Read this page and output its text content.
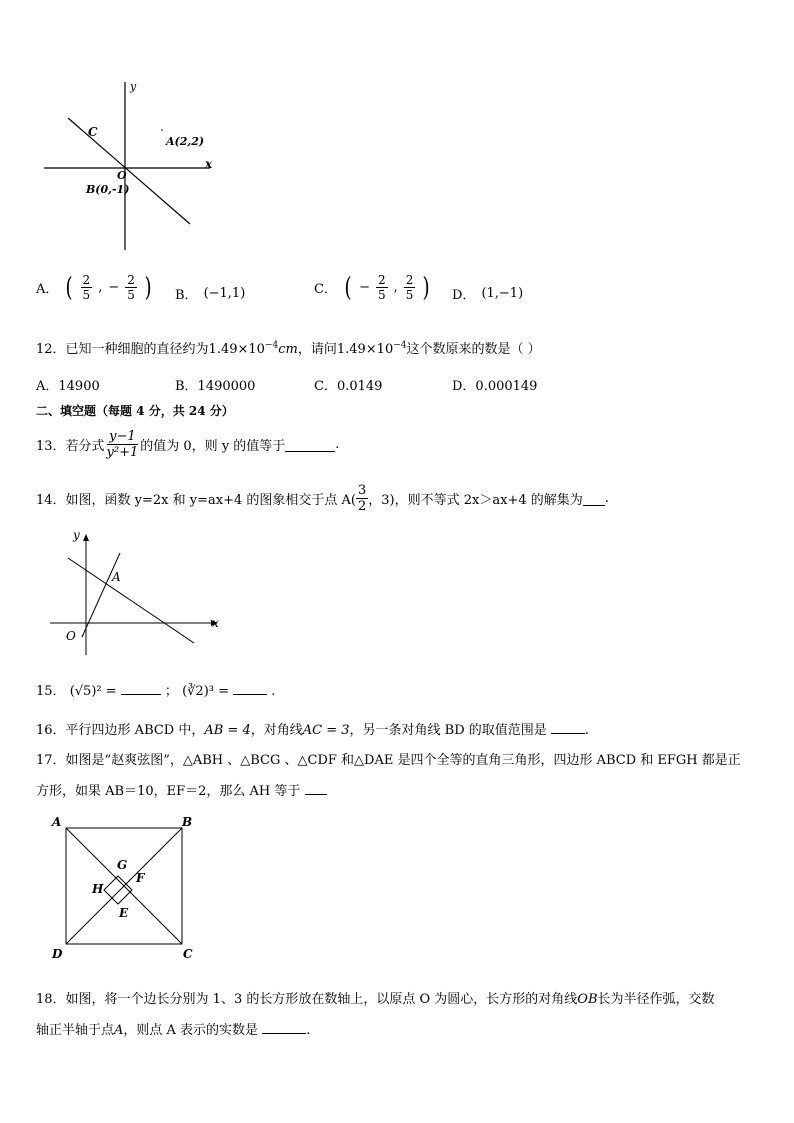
y
x
C
A(2,2)
O
B(0,-1)
A． ( $\frac{2}{5}$ , − $\frac{2}{5}$ ) B． (−1,1)	C． ( − $\frac{2}{5}$ , $\frac{2}{5}$ ) D． (1,−1)
12．已知一种细胞的直径约为$1.49\times 10^{-4}cm$，请问$1.49\times 10^{-4}$这个数原来的数是（ ）
A．14900	B．1490000	C．0.0149	D．0.000149
二、填空题（每题 4 分，共 24 分）
13．若分式 $\frac{y-1}{\text{y²+1}}$ 的值为 0，则 y 的值等于	.
14．如图，函数 y=2x 和 y=ax+4 的图象相交于点 $A( \frac{3}{2}$ ，3)，则不等式 2x＞ax+4 的解集为 .
y
x
A
O
15． (√5)² =	； (∛2)³ =	.
16．平行四边形 ABCD 中，AB = 4，对角线AC = 3，另一条对角线 BD 的取值范围是	.
17．如图是“赵爽弦图”，△ABH 、△BCG 、△CDF 和△DAE 是四个全等的直角三角形，四边形 ABCD 和 EFGH 都是正
方形，如果 AB＝10，EF＝2，那么 AH 等于
A	B
C
D
G
F
H
E
18．如图，将一个边长分别为 1、3 的长方形放在数轴上，以原点 O 为圆心，长方形的对角线OB长为半径作弧，交数
轴正半轴于点A，则点 A 表示的实数是	.
